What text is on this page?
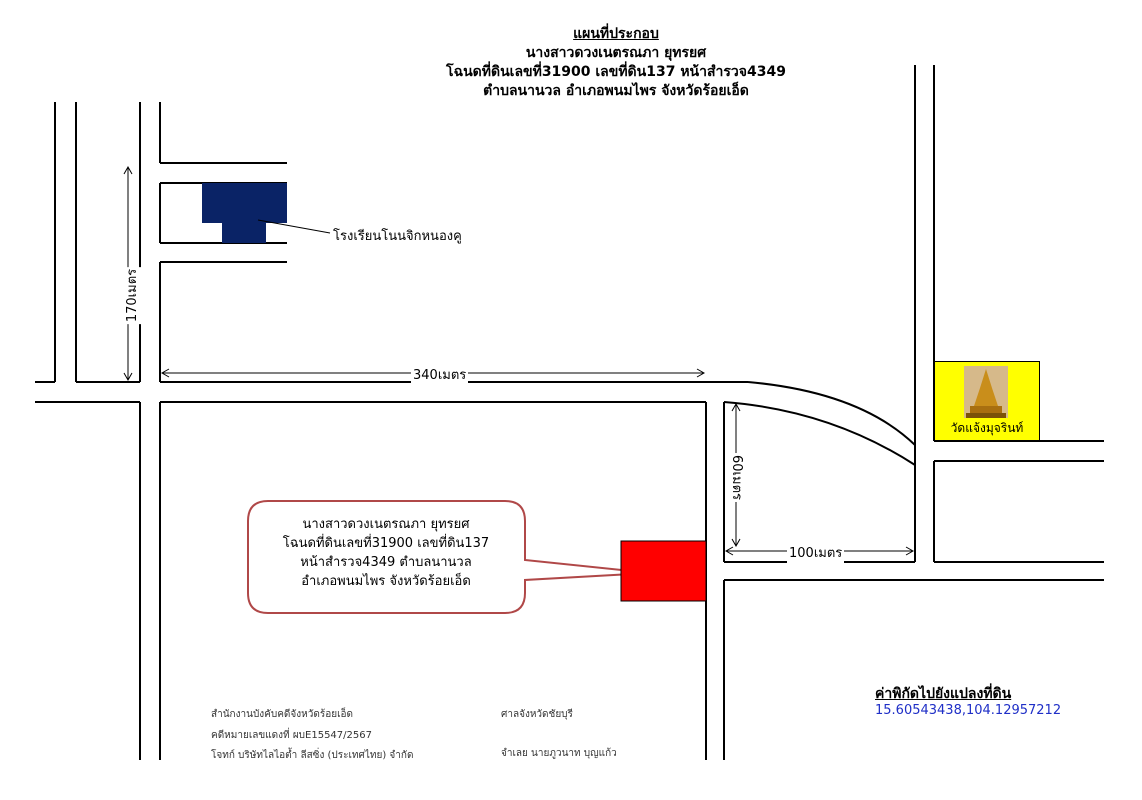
แผนที่ประกอบ
นางสาวดวงเนตรณภา ยุทรยศ
โฉนดที่ดินเลขที่31900 เลขที่ดิน137 หน้าสำรวจ4349
ตำบลนานวล อำเภอพนมไพร จังหวัดร้อยเอ็ด
โรงเรียนโนนจิกหนองคู
170เมตร
340เมตร
60เมตร
100เมตร
นางสาวดวงเนตรณภา ยุทรยศ
โฉนดที่ดินเลขที่31900 เลขที่ดิน137
หน้าสำรวจ4349 ตำบลนานวล
อำเภอพนมไพร จังหวัดร้อยเอ็ด
วัดแจ้งมุจรินท์
ค่าพิกัดไปยังแปลงที่ดิน
15.60543438,104.12957212
สำนักงานบังคับคดีจังหวัดร้อยเอ็ด
คดีหมายเลขแดงที่ ผบE15547/2567
โจทก์ บริษัทไลไอต้ำ ลีสซิ่ง (ประเทศไทย) จำกัด
ศาลจังหวัดชัยบุรี
จำเลย นายภูวนาท บุญแก้ว
